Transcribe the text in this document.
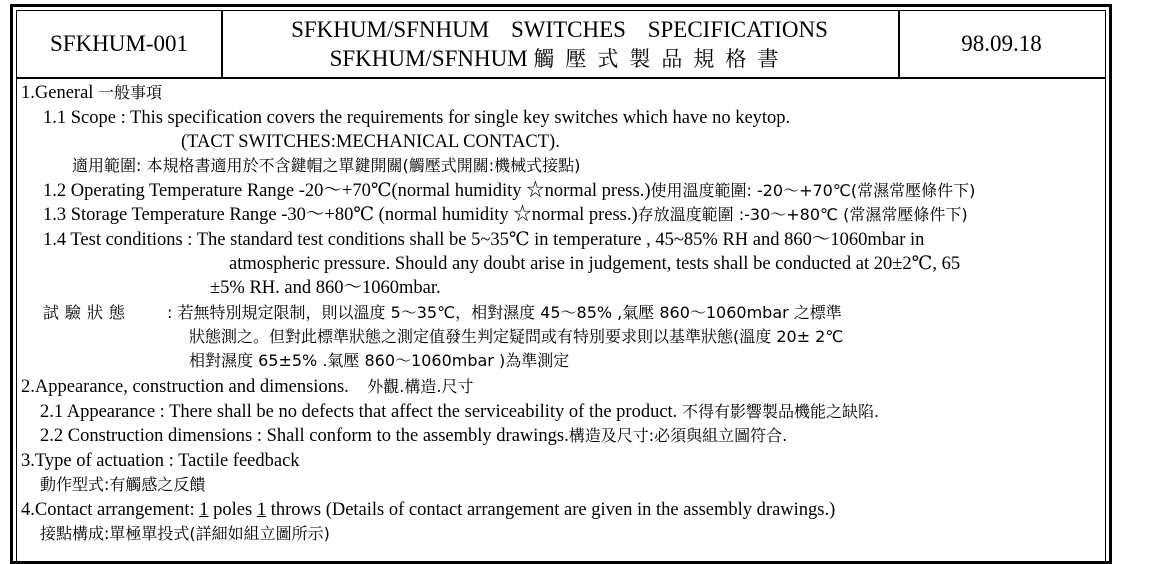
SFKHUM-001
SFKHUM/SFNHUM SWITCHES SPECIFICATIONS
SFKHUM/SFNHUM 觸壓式製品規格書
98.09.18
1.General 一般事項
1.1 Scope : This specification covers the requirements for single key switches which have no keytop.
(TACT SWITCHES:MECHANICAL CONTACT).
適用範圍: 本規格書適用於不含鍵帽之單鍵開關(觸壓式開關:機械式接點)
1.2 Operating Temperature Range -20～+70℃(normal humidity ☆normal press.)使用溫度範圍: -20～+70℃(常濕常壓條件下)
1.3 Storage Temperature Range -30～+80℃ (normal humidity ☆normal press.)存放溫度範圍 :-30～+80℃ (常濕常壓條件下)
1.4 Test conditions : The standard test conditions shall be 5~35℃ in temperature , 45~85% RH and 860～1060mbar in
atmospheric pressure. Should any doubt arise in judgement, tests shall be conducted at 20±2℃, 65
±5% RH. and 860～1060mbar.
試驗狀態 : 若無特別規定限制，則以溫度 5～35℃，相對濕度 45～85% ,氣壓 860～1060mbar 之標準
狀態測之。但對此標準狀態之測定值發生判定疑問或有特別要求則以基準狀態(溫度 20± 2℃
相對濕度 65±5% .氣壓 860～1060mbar )為準測定
2.Appearance, construction and dimensions. 外觀.構造.尺寸
2.1 Appearance : There shall be no defects that affect the serviceability of the product. 不得有影響製品機能之缺陷.
2.2 Construction dimensions : Shall conform to the assembly drawings.構造及尺寸:必須與組立圖符合.
3.Type of actuation : Tactile feedback
動作型式:有觸感之反饋
4.Contact arrangement: 1 poles 1 throws (Details of contact arrangement are given in the assembly drawings.)
接點構成:單極單投式(詳細如組立圖所示)
